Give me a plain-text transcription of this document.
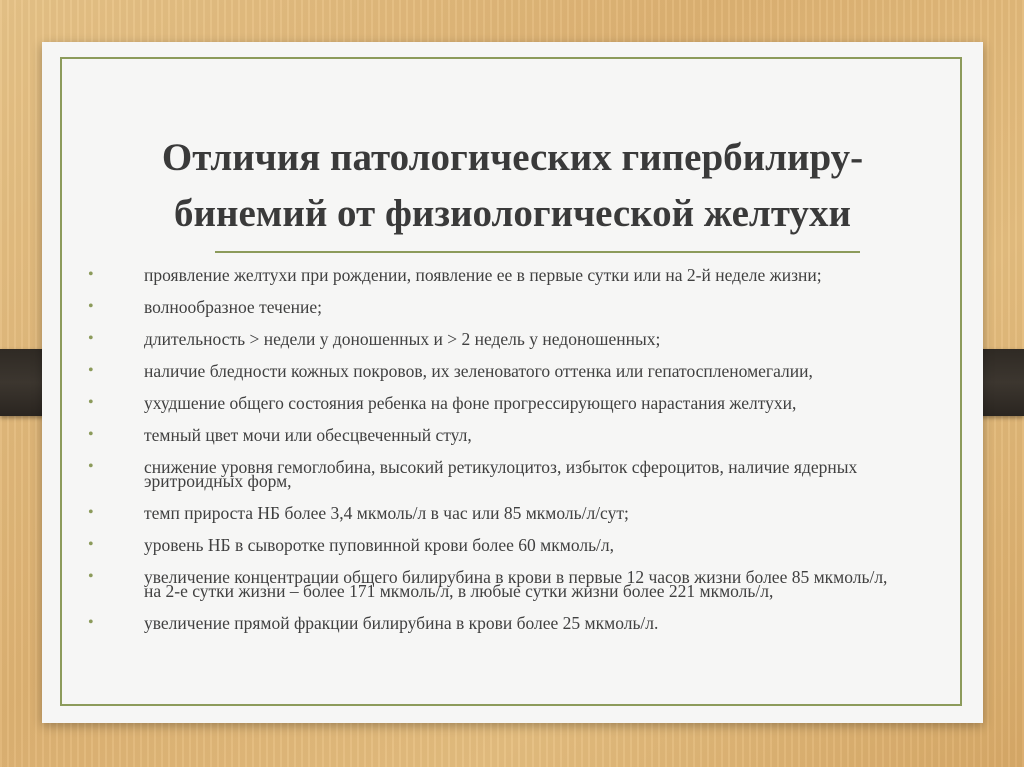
Отличия патологических гипербилиру-
бинемий от физиологической желтухи
•	проявление желтухи при рождении, появление ее в первые сутки или на 2-й неделе жизни;
•	волнообразное течение;
•	длительность > недели у доношенных и > 2 недель у недоношенных;
•	наличие бледности кожных покровов, их зеленоватого оттенка или гепатоспленомегалии,
•	ухудшение общего состояния ребенка на фоне прогрессирующего нарастания желтухи,
•	темный цвет мочи или обесцвеченный стул,
•	снижение уровня гемоглобина, высокий ретикулоцитоз, избыток сфероцитов, наличие ядерных эритроидных форм,
•	темп прироста НБ более 3,4 мкмоль/л в час или 85 мкмоль/л/сут;
•	уровень НБ в сыворотке пуповинной крови более 60 мкмоль/л,
•	увеличение концентрации общего билирубина в крови в первые 12 часов жизни более 85 мкмоль/л, на 2-е сутки жизни – более 171 мкмоль/л, в любые сутки жизни более 221 мкмоль/л,
•	увеличение прямой фракции билирубина в крови более 25 мкмоль/л.
